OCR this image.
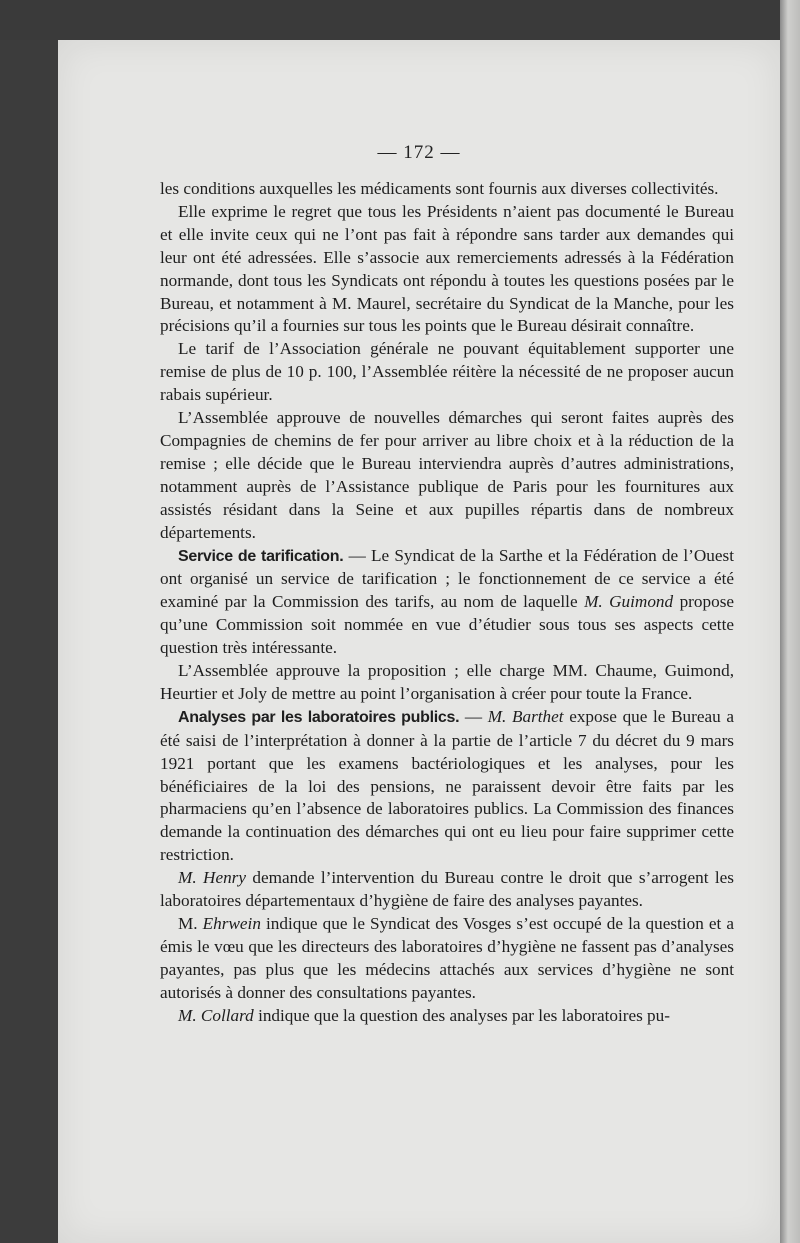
— 172 —

les conditions auxquelles les médicaments sont fournis aux diverses collectivités.

Elle exprime le regret que tous les Présidents n’aient pas documenté le Bureau et elle invite ceux qui ne l’ont pas fait à répondre sans tarder aux demandes qui leur ont été adressées. Elle s’associe aux remerciements adressés à la Fédération normande, dont tous les Syndicats ont répondu à toutes les questions posées par le Bureau, et notamment à M. Maurel, secrétaire du Syndicat de la Manche, pour les précisions qu’il a fournies sur tous les points que le Bureau désirait connaître.

Le tarif de l’Association générale ne pouvant équitablement supporter une remise de plus de 10 p. 100, l’Assemblée réitère la nécessité de ne proposer aucun rabais supérieur.

L’Assemblée approuve de nouvelles démarches qui seront faites auprès des Compagnies de chemins de fer pour arriver au libre choix et à la réduction de la remise ; elle décide que le Bureau interviendra auprès d’autres administrations, notamment auprès de l’Assistance publique de Paris pour les fournitures aux assistés résidant dans la Seine et aux pupilles répartis dans de nombreux départements.

Service de tarification. — Le Syndicat de la Sarthe et la Fédération de l’Ouest ont organisé un service de tarification ; le fonctionnement de ce service a été examiné par la Commission des tarifs, au nom de laquelle M. Guimond propose qu’une Commission soit nommée en vue d’étudier sous tous ses aspects cette question très intéressante.

L’Assemblée approuve la proposition ; elle charge MM. Chaume, Guimond, Heurtier et Joly de mettre au point l’organisation à créer pour toute la France.

Analyses par les laboratoires publics. — M. Barthet expose que le Bureau a été saisi de l’interprétation à donner à la partie de l’article 7 du décret du 9 mars 1921 portant que les examens bactériologiques et les analyses, pour les bénéficiaires de la loi des pensions, ne paraissent devoir être faits par les pharmaciens qu’en l’absence de laboratoires publics. La Commission des finances demande la continuation des démarches qui ont eu lieu pour faire supprimer cette restriction.

M. Henry demande l’intervention du Bureau contre le droit que s’arrogent les laboratoires départementaux d’hygiène de faire des analyses payantes.

M. Ehrwein indique que le Syndicat des Vosges s’est occupé de la question et a émis le vœu que les directeurs des laboratoires d’hygiène ne fassent pas d’analyses payantes, pas plus que les médecins attachés aux services d’hygiène ne sont autorisés à donner des consultations payantes.

M. Collard indique que la question des analyses par les laboratoires pu-
